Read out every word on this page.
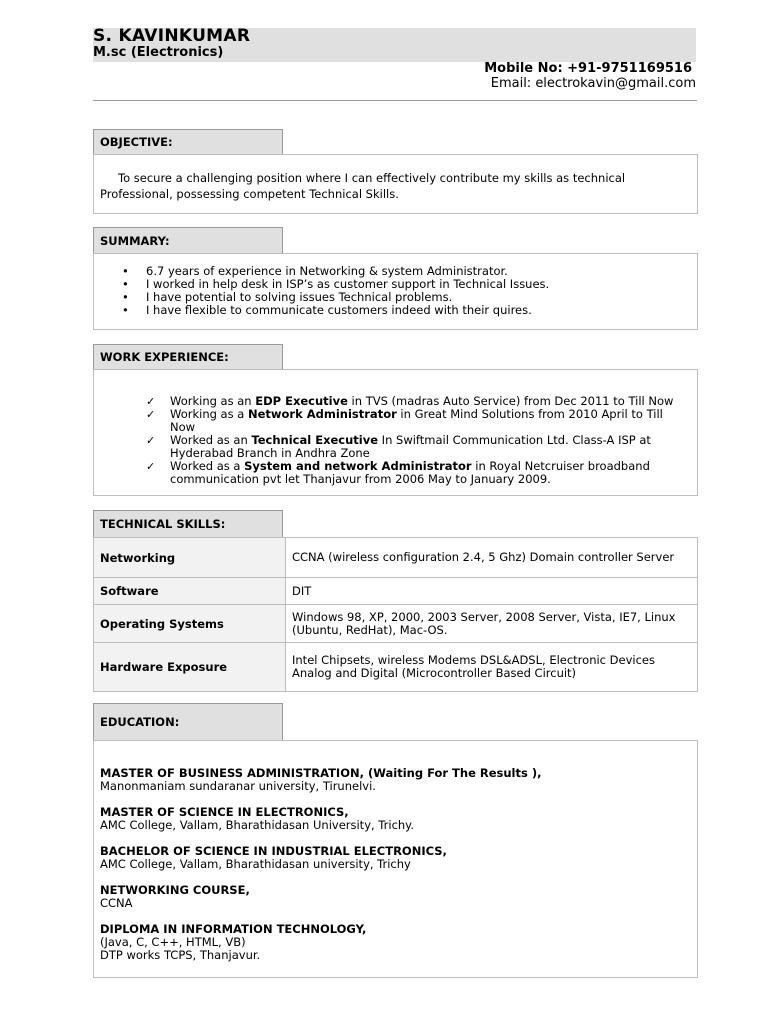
S. KAVINKUMAR
M.sc (Electronics)
Mobile No: +91-9751169516
Email: electrokavin@gmail.com
OBJECTIVE:
To secure a challenging position where I can effectively contribute my skills as technical Professional, possessing competent Technical Skills.
SUMMARY:
• 6.7 years of experience in Networking & system Administrator.
• I worked in help desk in ISP’s as customer support in Technical Issues.
• I have potential to solving issues Technical problems.
• I have flexible to communicate customers indeed with their quires.
WORK EXPERIENCE:
✓ Working as an EDP Executive in TVS (madras Auto Service) from Dec 2011 to Till Now
✓ Working as a Network Administrator in Great Mind Solutions from 2010 April to Till Now
✓ Worked as an Technical Executive In Swiftmail Communication Ltd. Class-A ISP at Hyderabad Branch in Andhra Zone
✓ Worked as a System and network Administrator in Royal Netcruiser broadband communication pvt let Thanjavur from 2006 May to January 2009.
TECHNICAL SKILLS:
Networking	CCNA (wireless configuration 2.4, 5 Ghz) Domain controller Server
Software	DIT
Operating Systems	Windows 98, XP, 2000, 2003 Server, 2008 Server, Vista, IE7, Linux (Ubuntu, RedHat), Mac-OS.
Hardware Exposure	Intel Chipsets, wireless Modems DSL&ADSL, Electronic Devices Analog and Digital (Microcontroller Based Circuit)
EDUCATION:
MASTER OF BUSINESS ADMINISTRATION, (Waiting For The Results ),
Manonmaniam sundaranar university, Tirunelvi.
MASTER OF SCIENCE IN ELECTRONICS,
AMC College, Vallam, Bharathidasan University, Trichy.
BACHELOR OF SCIENCE IN INDUSTRIAL ELECTRONICS,
AMC College, Vallam, Bharathidasan university, Trichy
NETWORKING COURSE,
CCNA
DIPLOMA IN INFORMATION TECHNOLOGY,
(Java, C, C++, HTML, VB)
DTP works TCPS, Thanjavur.
